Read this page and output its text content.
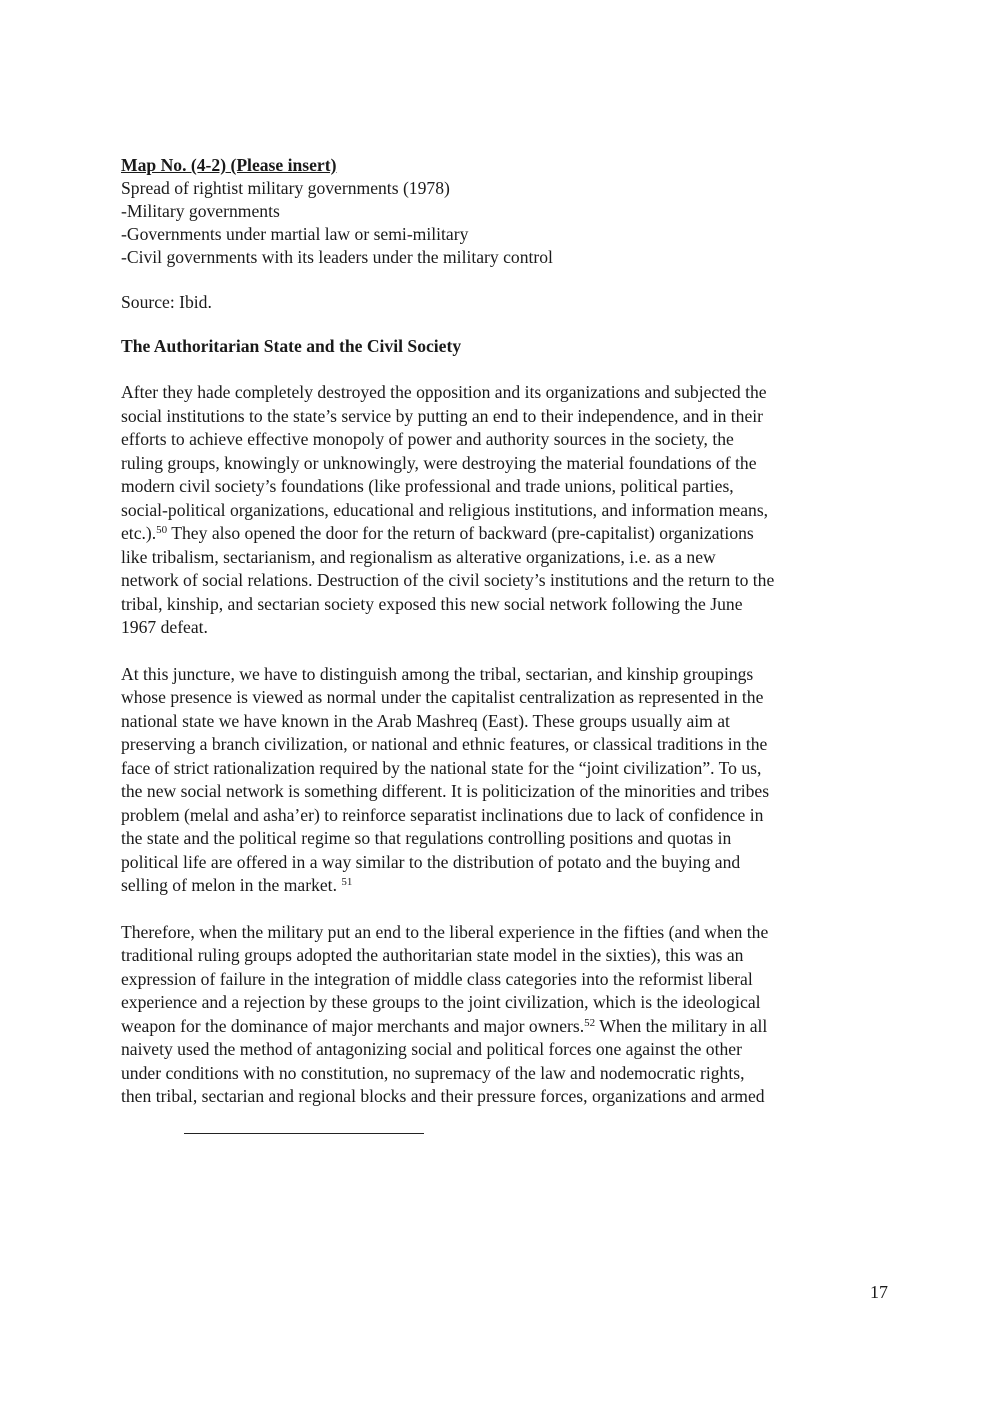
Map No. (4-2) (Please insert)

Spread of rightist military governments (1978)

-Military governments

-Governments under martial law or semi-military

-Civil governments with its leaders under the military control

Source: Ibid.

The Authoritarian State and the Civil Society

After they hade completely destroyed the opposition and its organizations and subjected the
social institutions to the state’s service by putting an end to their independence, and in their
efforts to achieve effective monopoly of power and authority sources in the society, the
ruling groups, knowingly or unknowingly, were destroying the material foundations of the
modern civil society’s foundations (like professional and trade unions, political parties,
social-political organizations, educational and religious institutions, and information means,
etc.).$^{50}$ They also opened the door for the return of backward (pre-capitalist) organizations
like tribalism, sectarianism, and regionalism as alterative organizations, i.e. as a new
network of social relations. Destruction of the civil society’s institutions and the return to the
tribal, kinship, and sectarian society exposed this new social network following the June
1967 defeat.
At this juncture, we have to distinguish among the tribal, sectarian, and kinship groupings
whose presence is viewed as normal under the capitalist centralization as represented in the
national state we have known in the Arab Mashreq (East). These groups usually aim at
preserving a branch civilization, or national and ethnic features, or classical traditions in the
face of strict rationalization required by the national state for the “joint civilization”. To us,
the new social network is something different. It is politicization of the minorities and tribes
problem (melal and asha’er) to reinforce separatist inclinations due to lack of confidence in
the state and the political regime so that regulations controlling positions and quotas in
political life are offered in a way similar to the distribution of potato and the buying and
selling of melon in the market. $^{51}$
Therefore, when the military put an end to the liberal experience in the fifties (and when the
traditional ruling groups adopted the authoritarian state model in the sixties), this was an
expression of failure in the integration of middle class categories into the reformist liberal
experience and a rejection by these groups to the joint civilization, which is the ideological
weapon for the dominance of major merchants and major owners.$^{52}$ When the military in all
naivety used the method of antagonizing social and political forces one against the other
under conditions with no constitution, no supremacy of the law and nodemocratic rights,
then tribal, sectarian and regional blocks and their pressure forces, organizations and armed
17
